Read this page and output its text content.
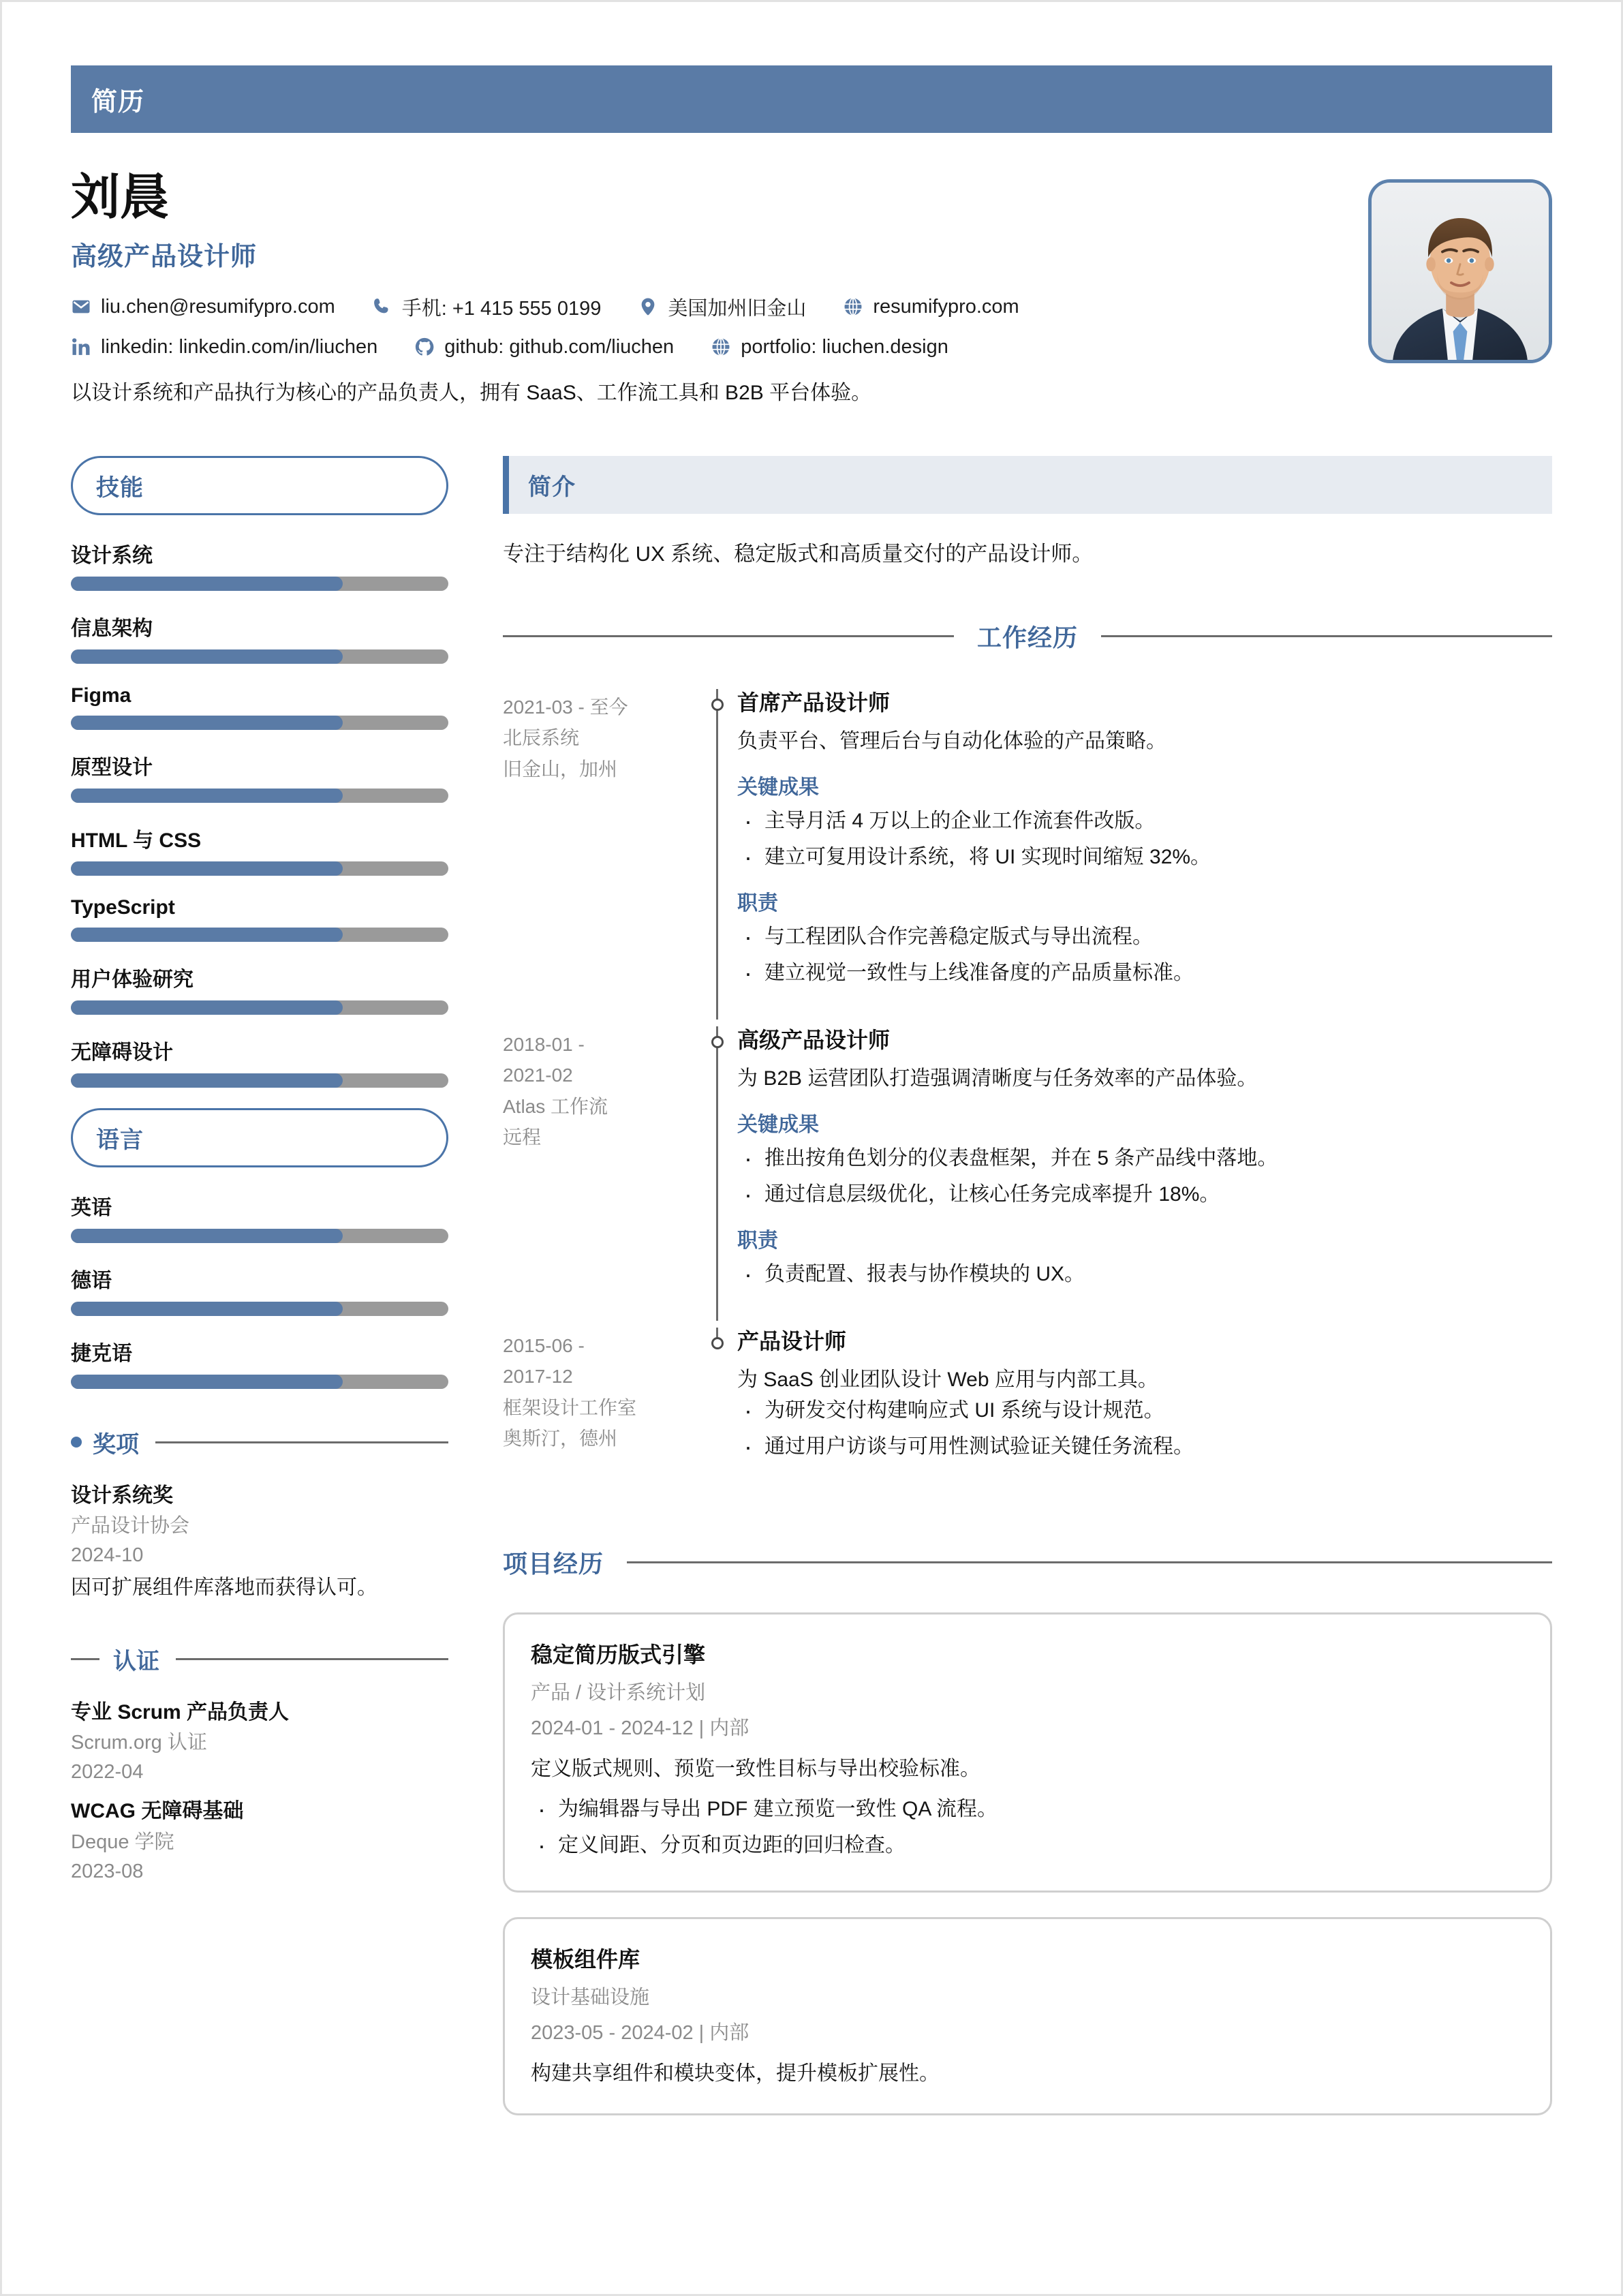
简历
刘晨
高级产品设计师
liu.chen@resumifypro.com	手机: +1 415 555 0199	美国加州旧金山	resumifypro.com
linkedin: linkedin.com/in/liuchen	github: github.com/liuchen	portfolio: liuchen.design
以设计系统和产品执行为核心的产品负责人，拥有 SaaS、工作流工具和 B2B 平台体验。
技能
设计系统
信息架构
Figma
原型设计
HTML 与 CSS
TypeScript
用户体验研究
无障碍设计
语言
英语
德语
捷克语
奖项
设计系统奖
产品设计协会
2024-10
因可扩展组件库落地而获得认可。
认证
专业 Scrum 产品负责人
Scrum.org 认证
2022-04
WCAG 无障碍基础
Deque 学院
2023-08
简介
专注于结构化 UX 系统、稳定版式和高质量交付的产品设计师。
工作经历
2021-03 - 至今
北辰系统
旧金山，加州
首席产品设计师
负责平台、管理后台与自动化体验的产品策略。
关键成果
· 主导月活 4 万以上的企业工作流套件改版。
· 建立可复用设计系统，将 UI 实现时间缩短 32%。
职责
· 与工程团队合作完善稳定版式与导出流程。
· 建立视觉一致性与上线准备度的产品质量标准。
2018-01 -
2021-02
Atlas 工作流
远程
高级产品设计师
为 B2B 运营团队打造强调清晰度与任务效率的产品体验。
关键成果
· 推出按角色划分的仪表盘框架，并在 5 条产品线中落地。
· 通过信息层级优化，让核心任务完成率提升 18%。
职责
· 负责配置、报表与协作模块的 UX。
2015-06 -
2017-12
框架设计工作室
奥斯汀，德州
产品设计师
为 SaaS 创业团队设计 Web 应用与内部工具。
· 为研发交付构建响应式 UI 系统与设计规范。
· 通过用户访谈与可用性测试验证关键任务流程。
项目经历
稳定简历版式引擎
产品 / 设计系统计划
2024-01 - 2024-12 | 内部
定义版式规则、预览一致性目标与导出校验标准。
· 为编辑器与导出 PDF 建立预览一致性 QA 流程。
· 定义间距、分页和页边距的回归检查。
模板组件库
设计基础设施
2023-05 - 2024-02 | 内部
构建共享组件和模块变体，提升模板扩展性。
